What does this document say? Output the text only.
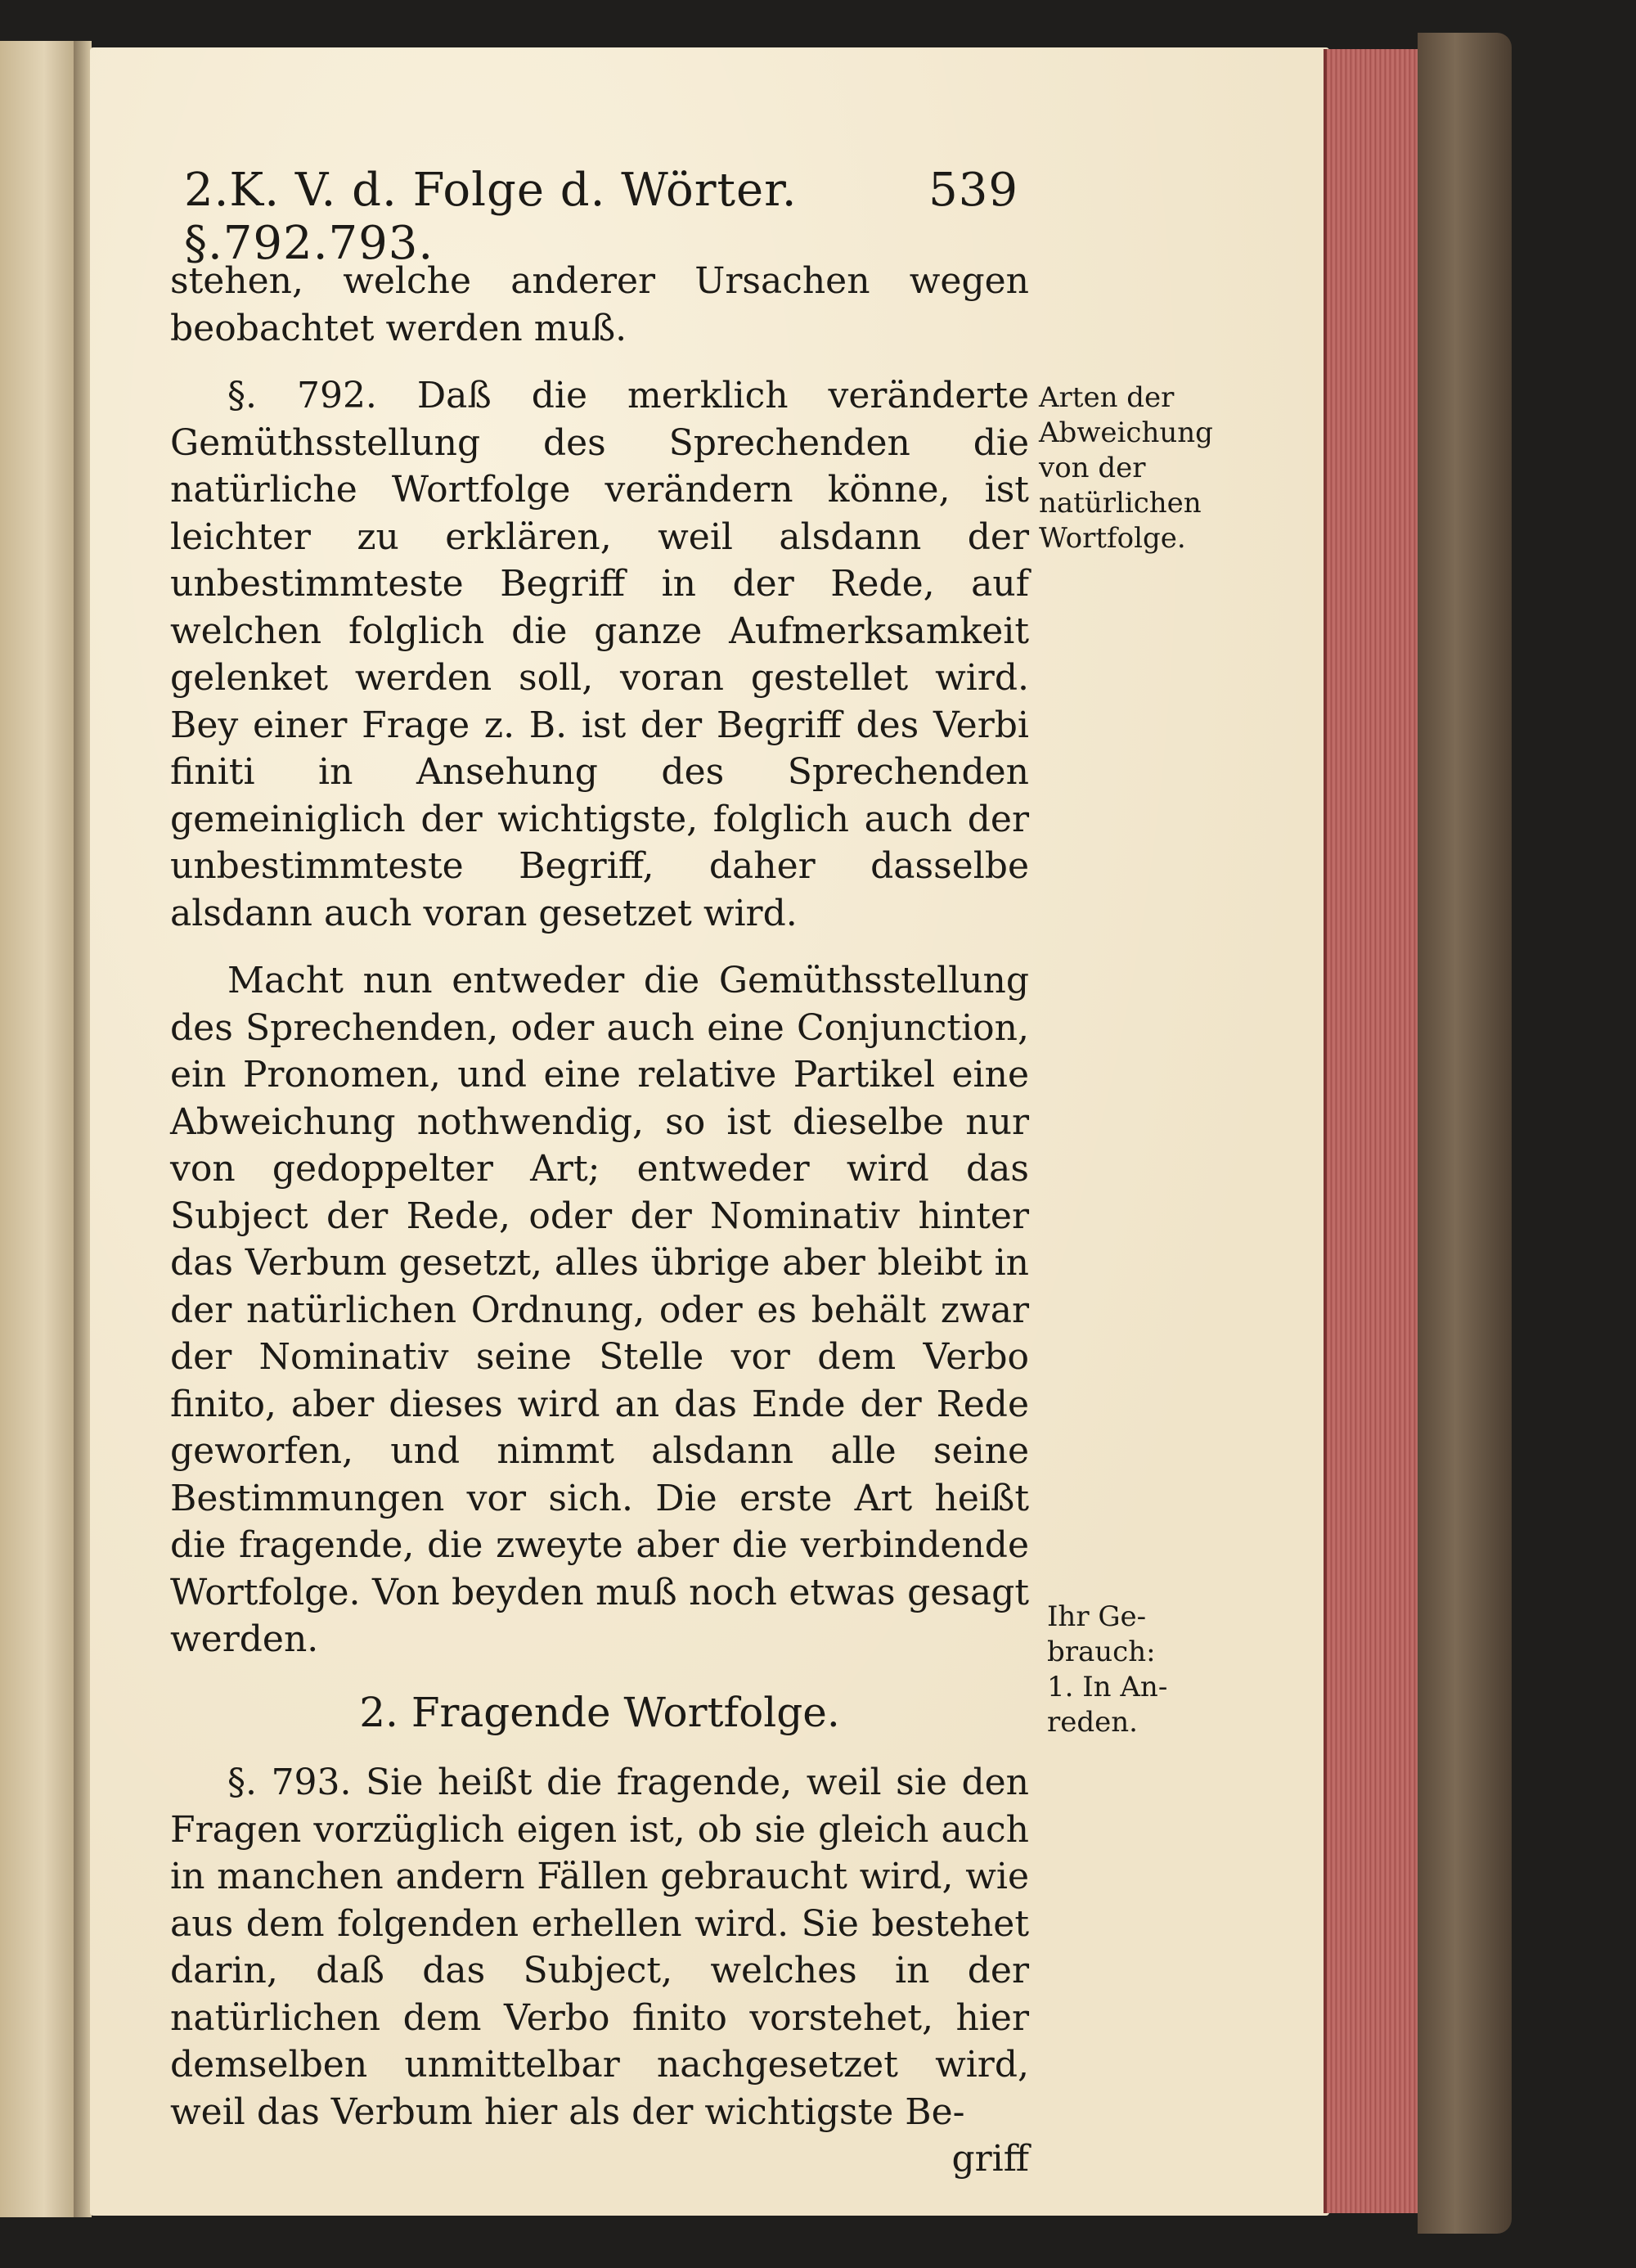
2.K. V. d. Folge d. Wörter. §.792.793.
539

stehen, welche anderer Ursachen wegen beobachtet werden muß.

§. 792. Daß die merklich veränderte Gemüthsstellung des Sprechenden die natürliche Wortfolge verändern könne, ist leichter zu erklären, weil alsdann der unbestimmteste Begriff in der Rede, auf welchen folglich die ganze Aufmerksamkeit gelenket werden soll, voran gestellet wird. Bey einer Frage z. B. ist der Begriff des Verbi finiti in Ansehung des Sprechenden gemeiniglich der wichtigste, folglich auch der unbestimmteste Begriff, daher dasselbe alsdann auch voran gesetzet wird.

Macht nun entweder die Gemüthsstellung des Sprechenden, oder auch eine Conjunction, ein Pronomen, und eine relative Partikel eine Abweichung nothwendig, so ist dieselbe nur von gedoppelter Art; entweder wird das Subject der Rede, oder der Nominativ hinter das Verbum gesetzt, alles übrige aber bleibt in der natürlichen Ordnung, oder es behält zwar der Nominativ seine Stelle vor dem Verbo finito, aber dieses wird an das Ende der Rede geworfen, und nimmt alsdann alle seine Bestimmungen vor sich. Die erste Art heißt die fragende, die zweyte aber die verbindende Wortfolge. Von beyden muß noch etwas gesagt werden.

2. Fragende Wortfolge.

§. 793. Sie heißt die fragende, weil sie den Fragen vorzüglich eigen ist, ob sie gleich auch in manchen andern Fällen gebraucht wird, wie aus dem folgenden erhellen wird. Sie bestehet darin, daß das Subject, welches in der natürlichen dem Verbo finito vorstehet, hier demselben unmittelbar nachgesetzet wird, weil das Verbum hier als der wichtigste Be-

griff

Arten der
Abweichung
von der
natürlichen
Wortfolge.
Ihr Ge-
brauch:
1. In An-
reden.
